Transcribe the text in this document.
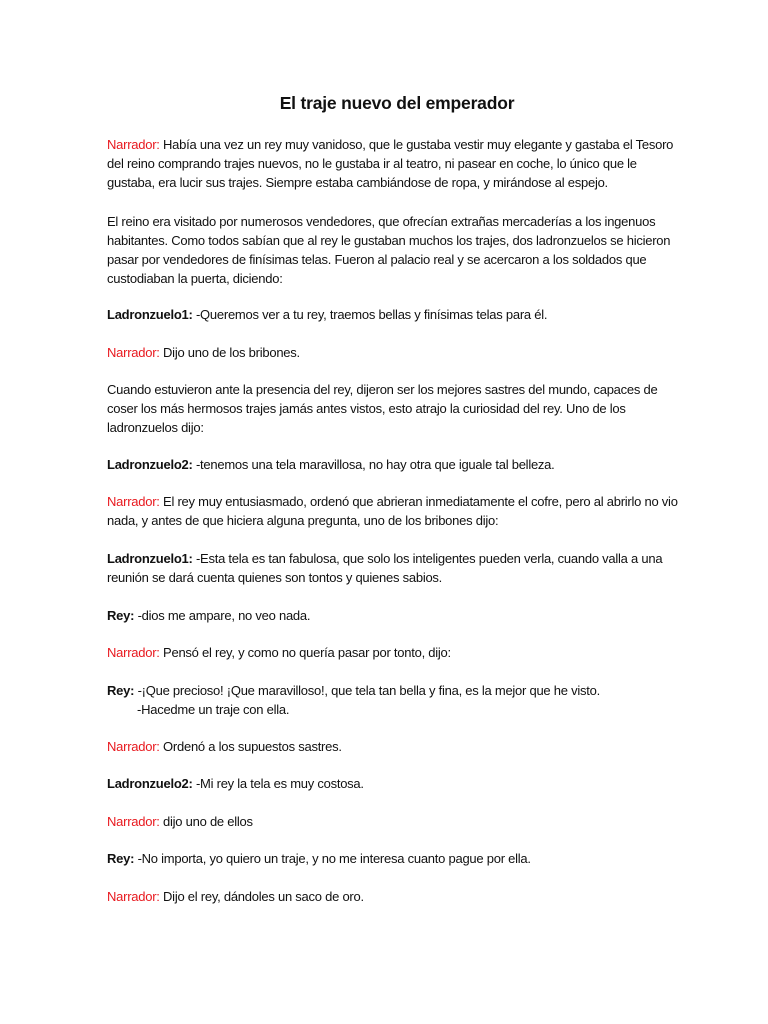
El traje nuevo del emperador

Narrador: Había una vez un rey muy vanidoso, que le gustaba vestir muy elegante y gastaba el Tesoro del reino comprando trajes nuevos, no le gustaba ir al teatro, ni pasear en coche, lo único que le gustaba, era lucir sus trajes. Siempre estaba cambiándose de ropa, y mirándose al espejo.

El reino era visitado por numerosos vendedores, que ofrecían extrañas mercaderías a los ingenuos habitantes. Como todos sabían que al rey le gustaban muchos los trajes, dos ladronzuelos se hicieron pasar por vendedores de finísimas telas. Fueron al palacio real y se acercaron a los soldados que custodiaban la puerta, diciendo:

Ladronzuelo1: -Queremos ver a tu rey, traemos bellas y finísimas telas para él.

Narrador: Dijo uno de los bribones.

Cuando estuvieron ante la presencia del rey, dijeron ser los mejores sastres del mundo, capaces de coser los más hermosos trajes jamás antes vistos, esto atrajo la curiosidad del rey. Uno de los ladronzuelos dijo:

Ladronzuelo2: -tenemos una tela maravillosa, no hay otra que iguale tal belleza.

Narrador: El rey muy entusiasmado, ordenó que abrieran inmediatamente el cofre, pero al abrirlo no vio nada, y antes de que hiciera alguna pregunta, uno de los bribones dijo:

Ladronzuelo1: -Esta tela es tan fabulosa, que solo los inteligentes pueden verla, cuando valla a una reunión se dará cuenta quienes son tontos y quienes sabios.

Rey: -dios me ampare, no veo nada.

Narrador: Pensó el rey, y como no quería pasar por tonto, dijo:

Rey: -¡Que precioso! ¡Que maravilloso!, que tela tan bella y fina, es la mejor que he visto.
-Hacedme un traje con ella.

Narrador: Ordenó a los supuestos sastres.

Ladronzuelo2: -Mi rey la tela es muy costosa.

Narrador: dijo uno de ellos

Rey: -No importa, yo quiero un traje, y no me interesa cuanto pague por ella.

Narrador: Dijo el rey, dándoles un saco de oro.
